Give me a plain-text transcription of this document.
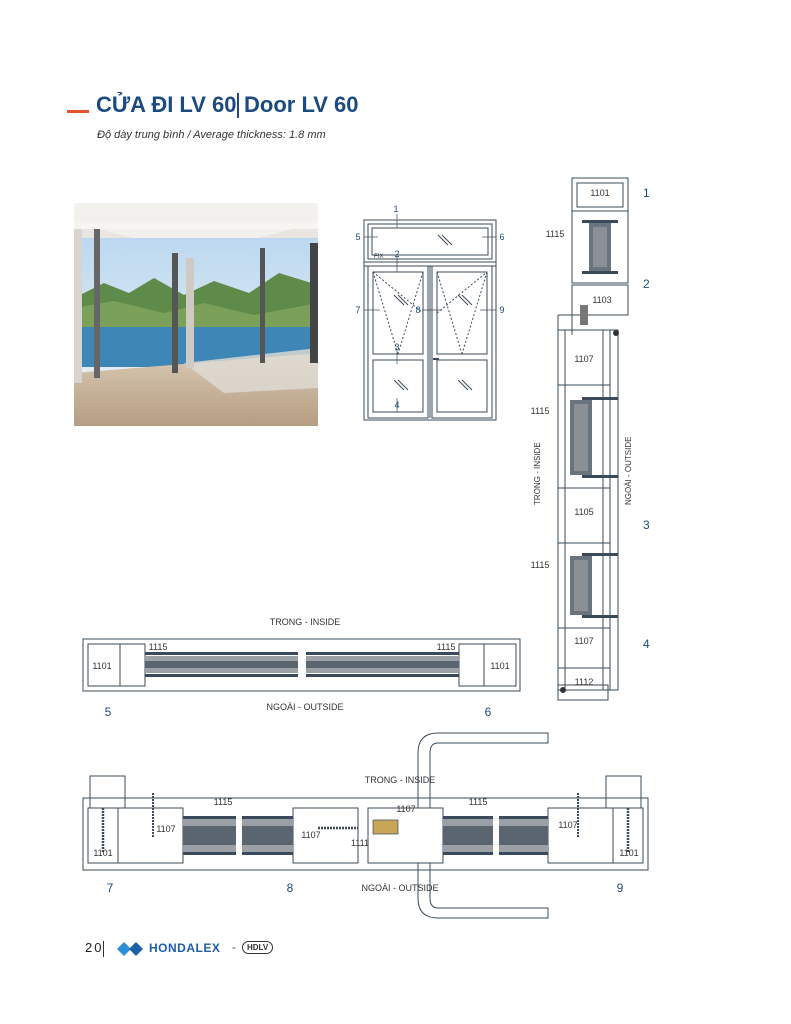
CỬA ĐI LV 60 Door LV 60
Độ dày trung bình / Average thickness: 1.8 mm
1
2
3
4
5	6
7	8	9
FIX
1101
1115
1103
1107
1115
1105
1115
1107
1112
TRONG - INSIDE	NGOÀI - OUTSIDE
1
2
3
4
TRONG - INSIDE
NGOÀI - OUTSIDE
1101
1115	1115
1101
5	6
TRONG - INSIDE
NGOÀI - OUTSIDE
1101
1107
1115
1107
1111
1107
1115
1107
1101
7	8	9
20	HONDALEX -	HDLV
